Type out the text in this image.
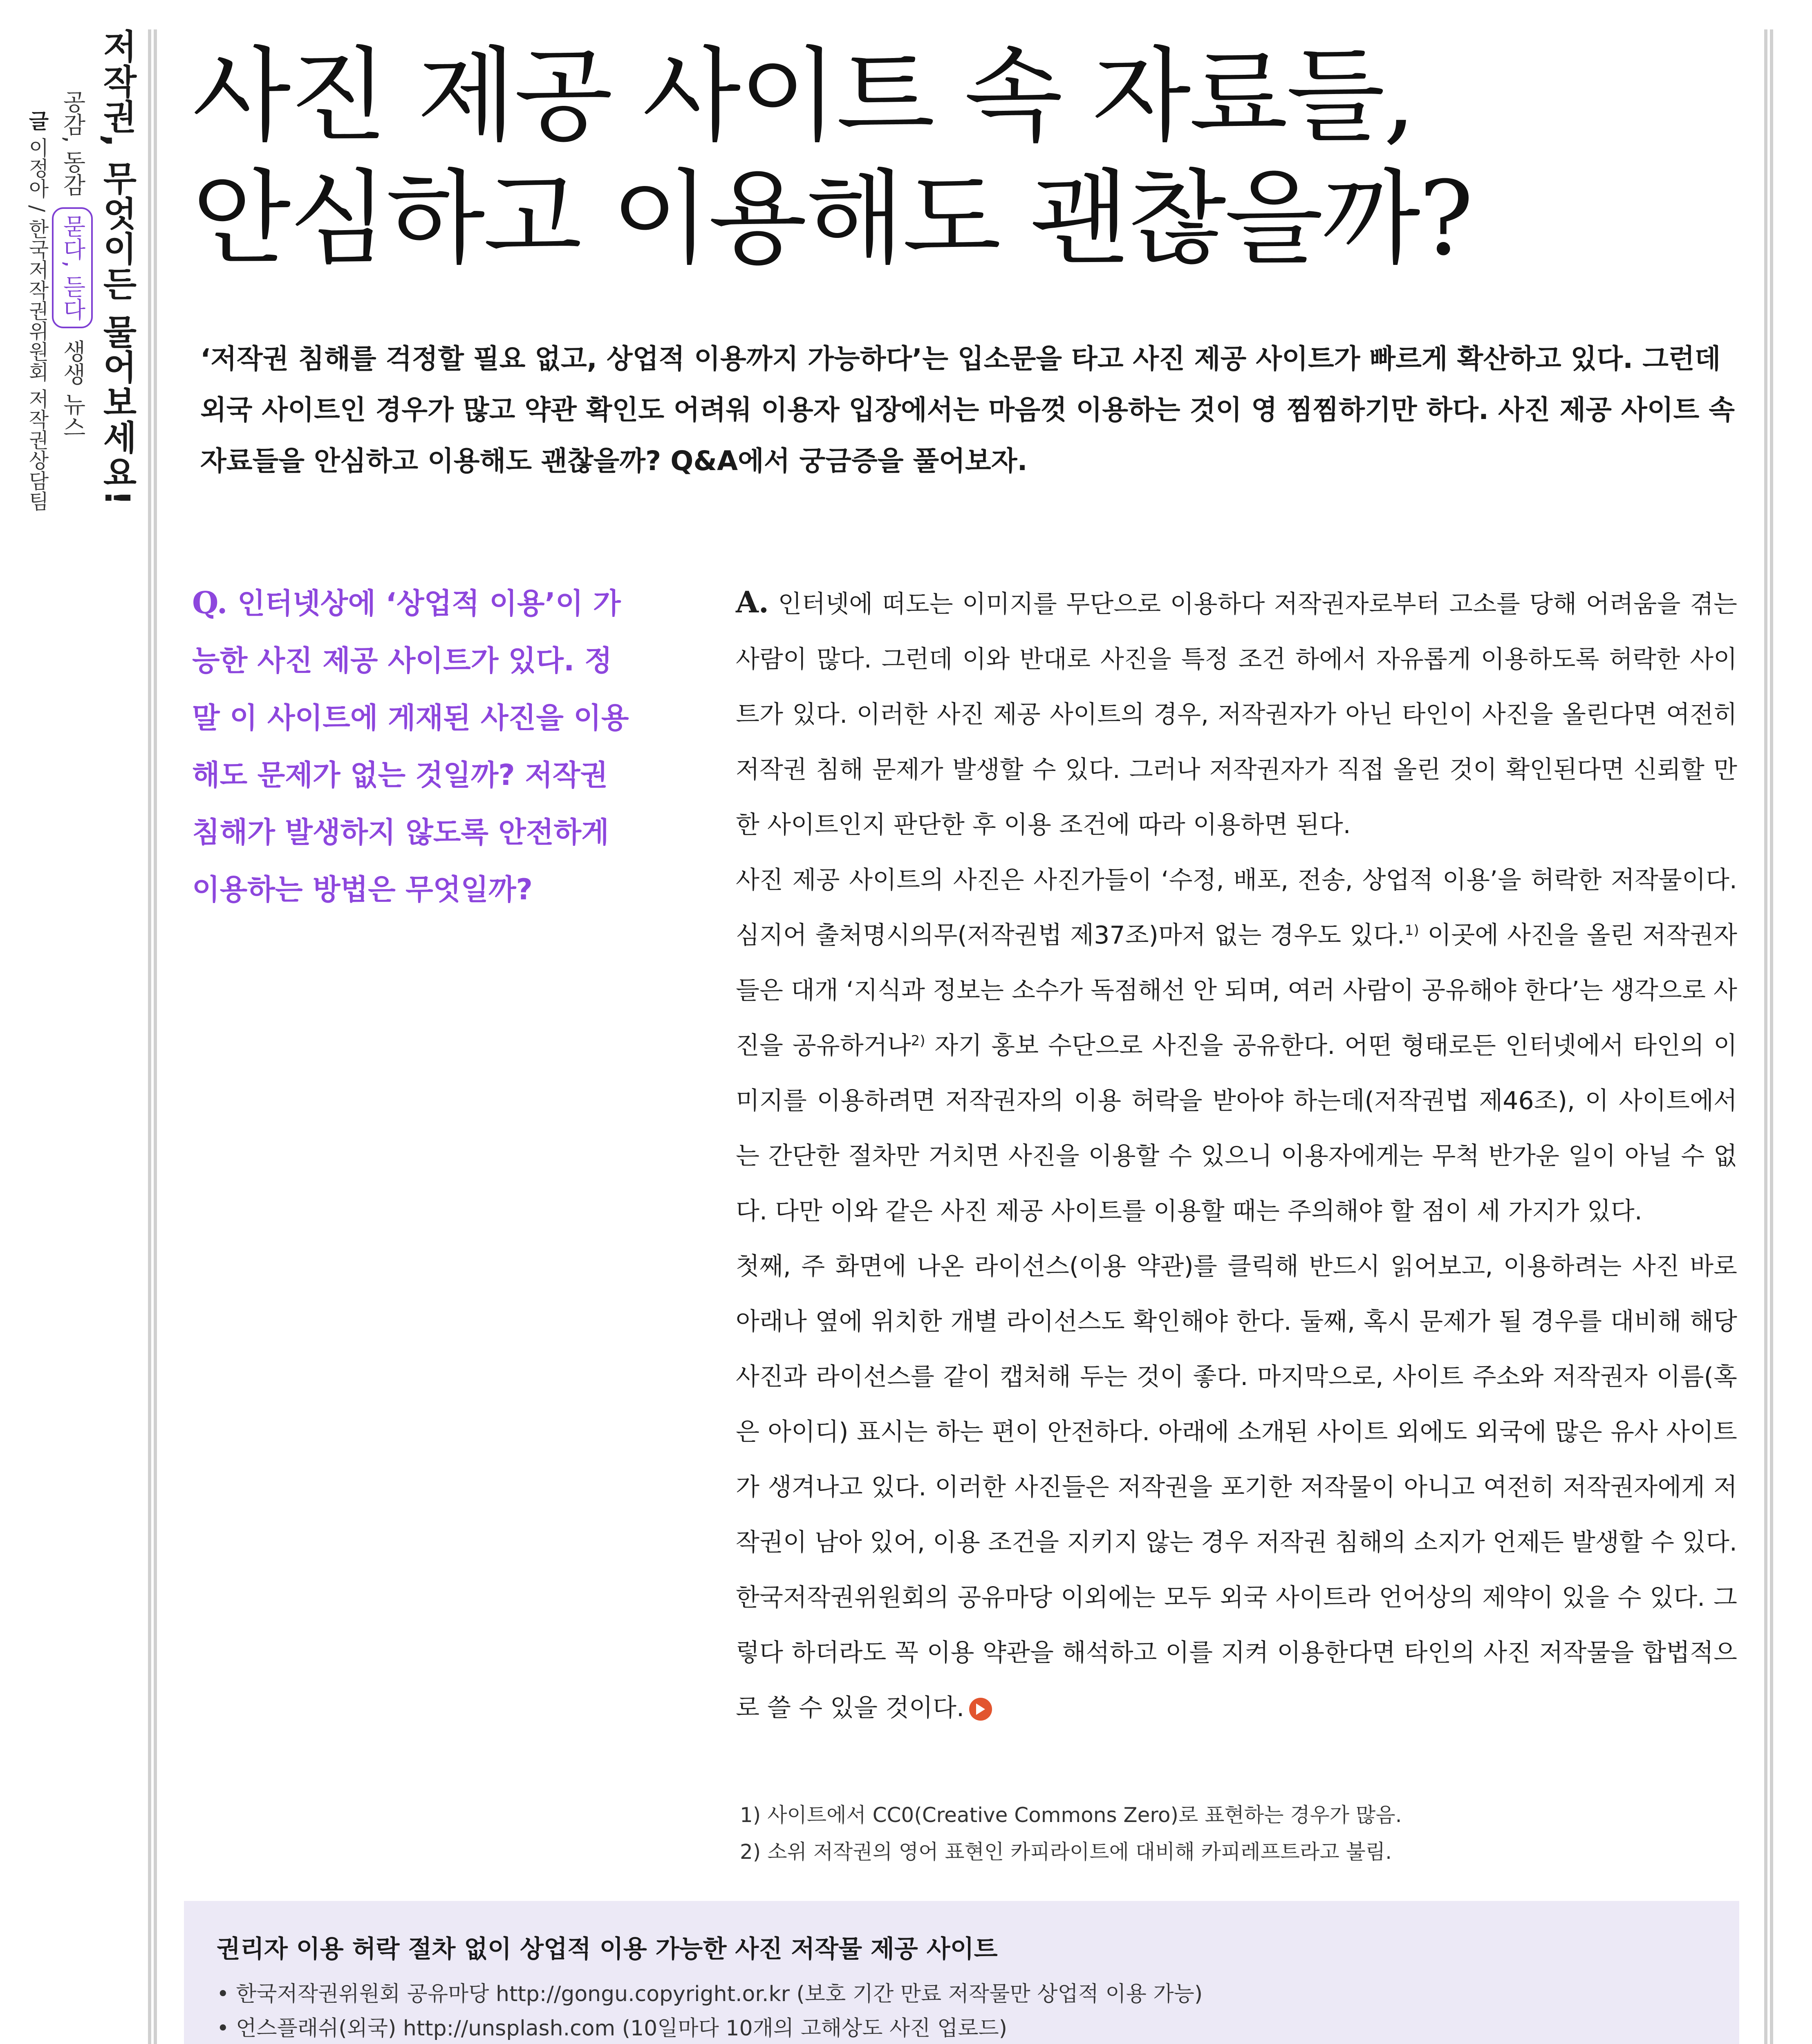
저작권, 무엇이든 물어보세요!
공감, 동감 묻다, 듣다 생생 뉴스
글 이정아 / 한국저작권위원회 저작권상담팀
사진 제공 사이트 속 자료들,
안심하고 이용해도 괜찮을까?
‘저작권 침해를 걱정할 필요 없고, 상업적 이용까지 가능하다’는 입소문을 타고 사진 제공 사이트가 빠르게 확산하고 있다. 그런데 외국 사이트인 경우가 많고 약관 확인도 어려워 이용자 입장에서는 마음껏 이용하는 것이 영 찜찜하기만 하다. 사진 제공 사이트 속 자료들을 안심하고 이용해도 괜찮을까? Q&A에서 궁금증을 풀어보자.
Q. 인터넷상에 ‘상업적 이용’이 가능한 사진 제공 사이트가 있다. 정말 이 사이트에 게재된 사진을 이용해도 문제가 없는 것일까? 저작권 침해가 발생하지 않도록 안전하게 이용하는 방법은 무엇일까?

A. 인터넷에 떠도는 이미지를 무단으로 이용하다 저작권자로부터 고소를 당해 어려움을 겪는 사람이 많다. 그런데 이와 반대로 사진을 특정 조건 하에서 자유롭게 이용하도록 허락한 사이트가 있다. 이러한 사진 제공 사이트의 경우, 저작권자가 아닌 타인이 사진을 올린다면 여전히 저작권 침해 문제가 발생할 수 있다. 그러나 저작권자가 직접 올린 것이 확인된다면 신뢰할 만한 사이트인지 판단한 후 이용 조건에 따라 이용하면 된다.

사진 제공 사이트의 사진은 사진가들이 ‘수정, 배포, 전송, 상업적 이용’을 허락한 저작물이다. 심지어 출처명시의무(저작권법 제37조)마저 없는 경우도 있다.$^{1)}$ 이곳에 사진을 올린 저작권자들은 대개 ‘지식과 정보는 소수가 독점해선 안 되며, 여러 사람이 공유해야 한다’는 생각으로 사진을 공유하거나$^{2)}$ 자기 홍보 수단으로 사진을 공유한다. 어떤 형태로든 인터넷에서 타인의 이미지를 이용하려면 저작권자의 이용 허락을 받아야 하는데(저작권법 제46조), 이 사이트에서는 간단한 절차만 거치면 사진을 이용할 수 있으니 이용자에게는 무척 반가운 일이 아닐 수 없다. 다만 이와 같은 사진 제공 사이트를 이용할 때는 주의해야 할 점이 세 가지가 있다.

첫째, 주 화면에 나온 라이선스(이용 약관)를 클릭해 반드시 읽어보고, 이용하려는 사진 바로 아래나 옆에 위치한 개별 라이선스도 확인해야 한다. 둘째, 혹시 문제가 될 경우를 대비해 해당 사진과 라이선스를 같이 캡처해 두는 것이 좋다. 마지막으로, 사이트 주소와 저작권자 이름(혹은 아이디) 표시는 하는 편이 안전하다. 아래에 소개된 사이트 외에도 외국에 많은 유사 사이트가 생겨나고 있다. 이러한 사진들은 저작권을 포기한 저작물이 아니고 여전히 저작권자에게 저작권이 남아 있어, 이용 조건을 지키지 않는 경우 저작권 침해의 소지가 언제든 발생할 수 있다. 한국저작권위원회의 공유마당 이외에는 모두 외국 사이트라 언어상의 제약이 있을 수 있다. 그렇다 하더라도 꼭 이용 약관을 해석하고 이를 지켜 이용한다면 타인의 사진 저작물을 합법적으로 쓸 수 있을 것이다.

1) 사이트에서 CC0(Creative Commons Zero)로 표현하는 경우가 많음.
2) 소위 저작권의 영어 표현인 카피라이트에 대비해 카피레프트라고 불림.
권리자 이용 허락 절차 없이 상업적 이용 가능한 사진 저작물 제공 사이트
• 한국저작권위원회 공유마당 http://gongu.copyright.or.kr (보호 기간 만료 저작물만 상업적 이용 가능)
• 언스플래쉬(외국) http://unsplash.com (10일마다 10개의 고해상도 사진 업로드)
